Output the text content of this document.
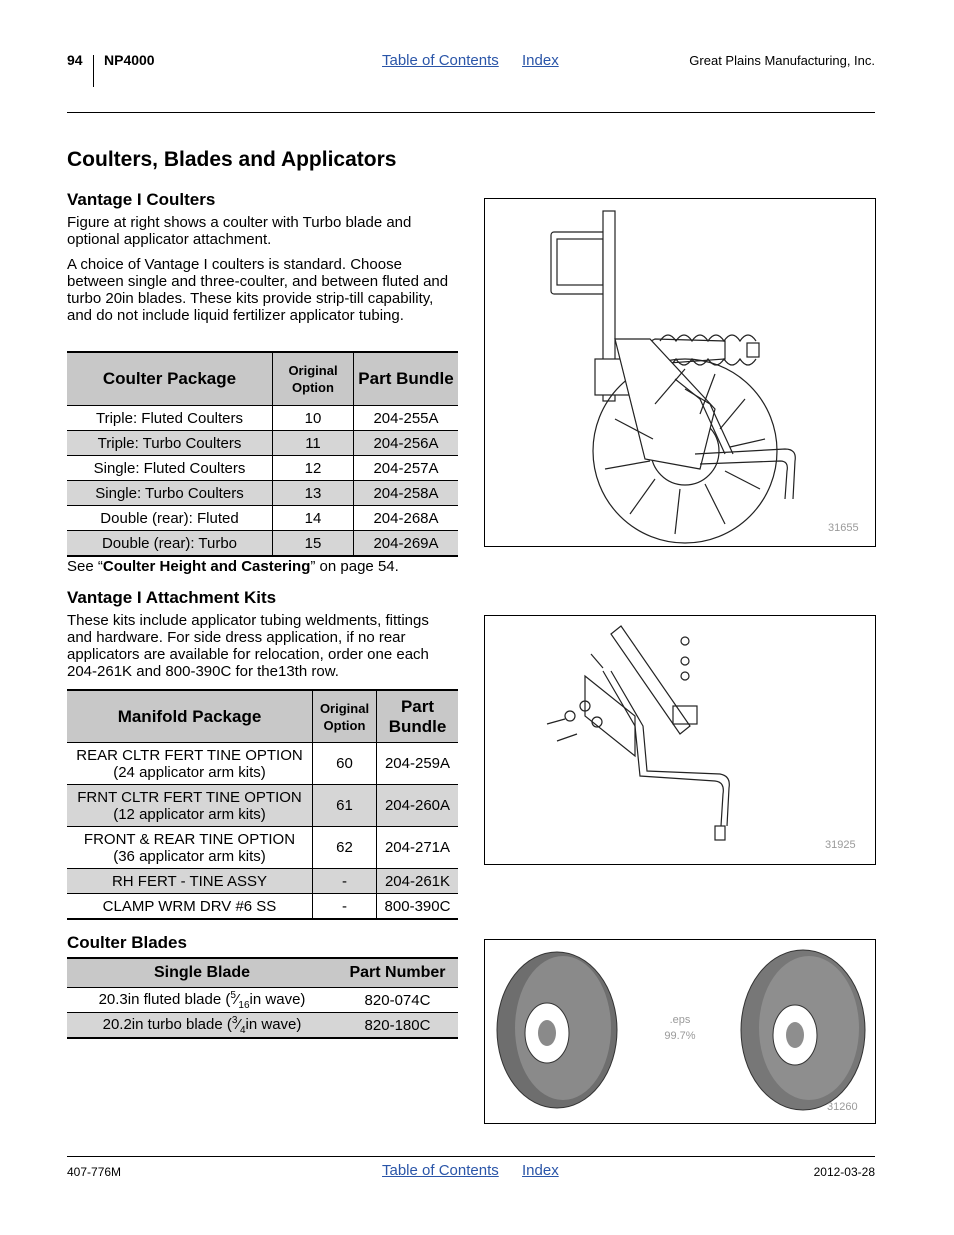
94 NP4000	Table of Contents Index	Great Plains Manufacturing, Inc.
Coulters, Blades and Applicators
Vantage I Coulters

Figure at right shows a coulter with Turbo blade and optional applicator attachment.

A choice of Vantage I coulters is standard. Choose between single and three-coulter, and between fluted and turbo 20in blades. These kits provide strip-till capability, and do not include liquid fertilizer applicator tubing.

Coulter Package	Original Option	Part Bundle
Triple: Fluted Coulters	10	204-255A
Triple: Turbo Coulters	11	204-256A
Single: Fluted Coulters	12	204-257A
Single: Turbo Coulters	13	204-258A
Double (rear): Fluted	14	204-268A
Double (rear): Turbo	15	204-269A

See “Coulter Height and Castering” on page 54.

Vantage I Attachment Kits

These kits include applicator tubing weldments, fittings and hardware. For side dress application, if no rear applicators are available for relocation, order one each 204-261K and 800-390C for the13th row.

Manifold Package	Original Option	Part Bundle

REAR CLTR FERT TINE OPTION
(24 applicator arm kits)	60	204-259A

FRNT CLTR FERT TINE OPTION
(12 applicator arm kits)	61	204-260A

FRONT & REAR TINE OPTION
(36 applicator arm kits)	62	204-271A
RH FERT - TINE ASSY	-	204-261K
CLAMP WRM DRV #6 SS	-	800-390C
Coulter Blades
Single Blade	Part Number
20.3in fluted blade ($^5⁄_{16}in$ wave)	820-074C
20.2in turbo blade ($^3⁄_4in$ wave)	820-180C
31655
31925
.eps
99.7%
31260
407-776M	Table of Contents Index	2012-03-28
